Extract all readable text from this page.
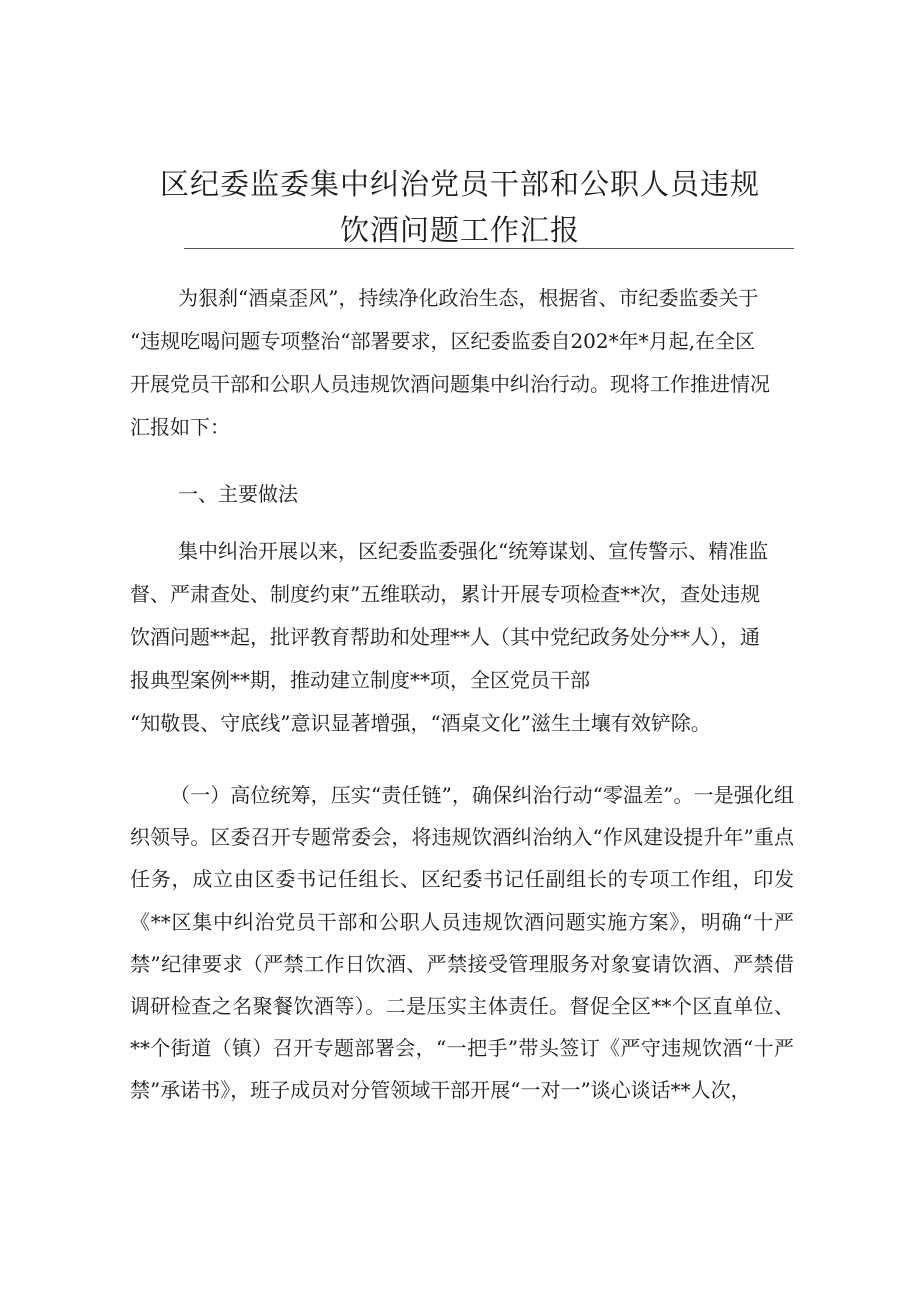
区纪委监委集中纠治党员干部和公职人员违规
饮酒问题工作汇报
为狠刹“酒桌歪风”，持续净化政治生态，根据省、市纪委监委关于
“违规吃喝问题专项整治“部署要求，区纪委监委自202*年*月起,在全区
开展党员干部和公职人员违规饮酒问题集中纠治行动。现将工作推进情况
汇报如下：
一、主要做法
集中纠治开展以来，区纪委监委强化“统筹谋划、宣传警示、精准监
督、严肃查处、制度约束”五维联动，累计开展专项检查**次，查处违规
饮酒问题**起，批评教育帮助和处理**人（其中党纪政务处分**人），通
报典型案例**期，推动建立制度**项，全区党员干部
“知敬畏、守底线”意识显著增强，“酒桌文化”滋生土壤有效铲除。
（一）高位统筹，压实“责任链”，确保纠治行动“零温差”。一是强化组织领导。区委召开专题常委会，将违规饮酒纠治纳入“作风建设提升年”重点任务，成立由区委书记任组长、区纪委书记任副组长的专项工作组，印发《**区集中纠治党员干部和公职人员违规饮酒问题实施方案》，明确“十严禁”纪律要求（严禁工作日饮酒、严禁接受管理服务对象宴请饮酒、严禁借调研检查之名聚餐饮酒等）。二是压实主体责任。督促全区**个区直单位、**个街道（镇）召开专题部署会，“一把手”带头签订《严守违规饮酒“十严禁”承诺书》，班子成员对分管领域干部开展“一对一”谈心谈话**人次，
